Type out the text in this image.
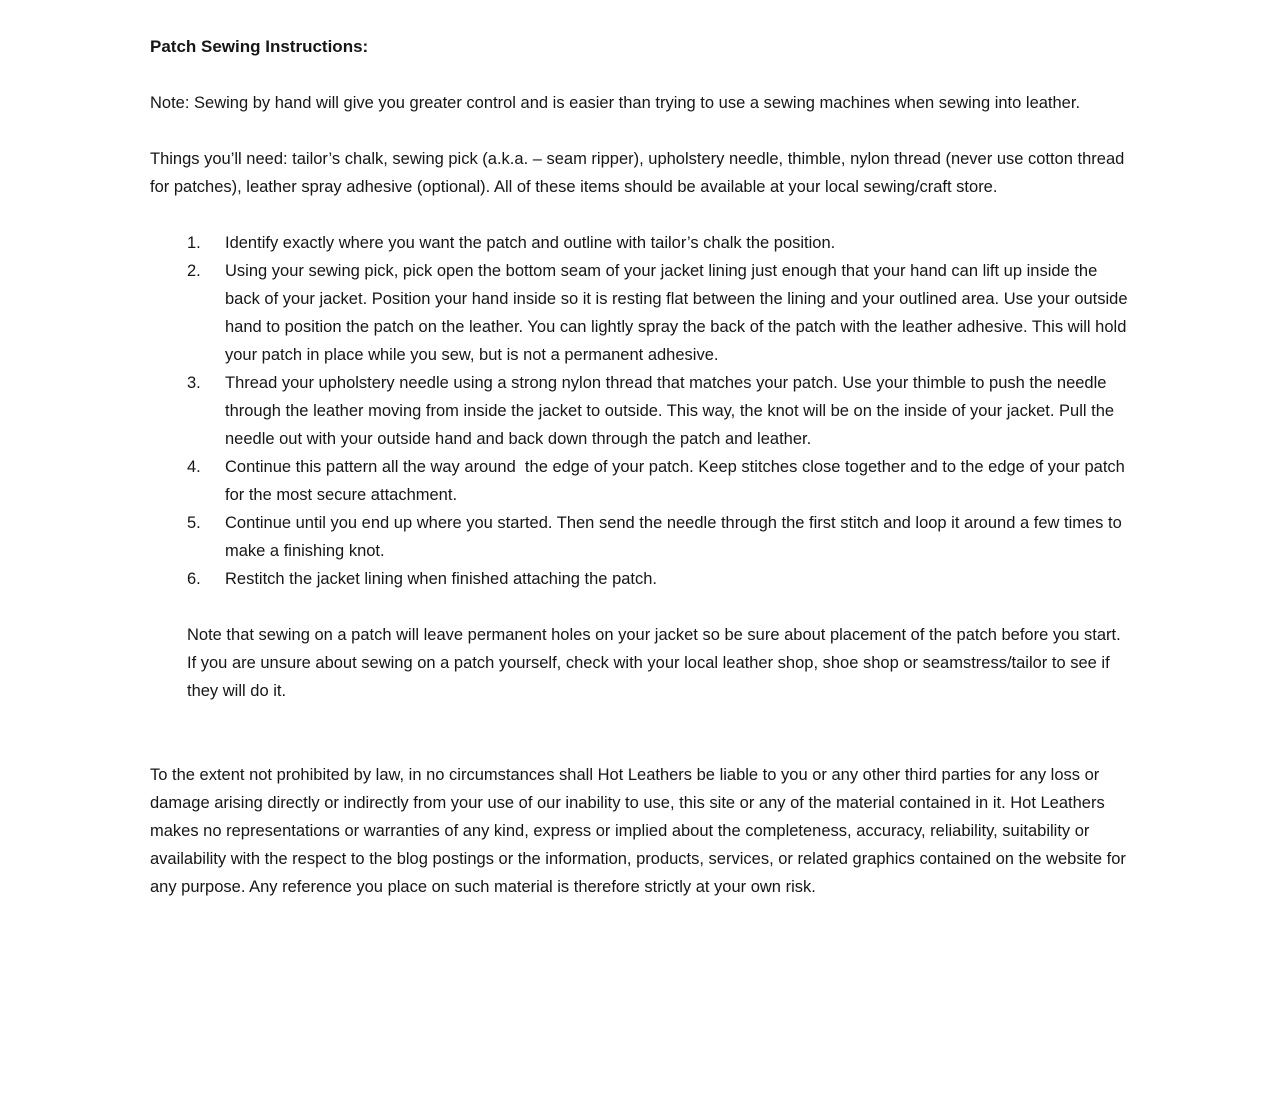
Patch Sewing Instructions:

Note: Sewing by hand will give you greater control and is easier than trying to use a sewing machines when sewing into leather.

Things you’ll need: tailor’s chalk, sewing pick (a.k.a. – seam ripper), upholstery needle, thimble, nylon thread (never use cotton thread for patches), leather spray adhesive (optional). All of these items should be available at your local sewing/craft store.

1. Identify exactly where you want the patch and outline with tailor’s chalk the position.
2. Using your sewing pick, pick open the bottom seam of your jacket lining just enough that your hand can lift up inside the back of your jacket. Position your hand inside so it is resting flat between the lining and your outlined area. Use your outside hand to position the patch on the leather. You can lightly spray the back of the patch with the leather adhesive. This will hold your patch in place while you sew, but is not a permanent adhesive.
3. Thread your upholstery needle using a strong nylon thread that matches your patch. Use your thimble to push the needle through the leather moving from inside the jacket to outside. This way, the knot will be on the inside of your jacket. Pull the needle out with your outside hand and back down through the patch and leather.
4. Continue this pattern all the way around  the edge of your patch. Keep stitches close together and to the edge of your patch for the most secure attachment.
5. Continue until you end up where you started. Then send the needle through the first stitch and loop it around a few times to make a finishing knot.
6. Restitch the jacket lining when finished attaching the patch.

Note that sewing on a patch will leave permanent holes on your jacket so be sure about placement of the patch before you start.

If you are unsure about sewing on a patch yourself, check with your local leather shop, shoe shop or seamstress/tailor to see if they will do it.

To the extent not prohibited by law, in no circumstances shall Hot Leathers be liable to you or any other third parties for any loss or damage arising directly or indirectly from your use of our inability to use, this site or any of the material contained in it. Hot Leathers makes no representations or warranties of any kind, express or implied about the completeness, accuracy, reliability, suitability or availability with the respect to the blog postings or the information, products, services, or related graphics contained on the website for any purpose. Any reference you place on such material is therefore strictly at your own risk.
